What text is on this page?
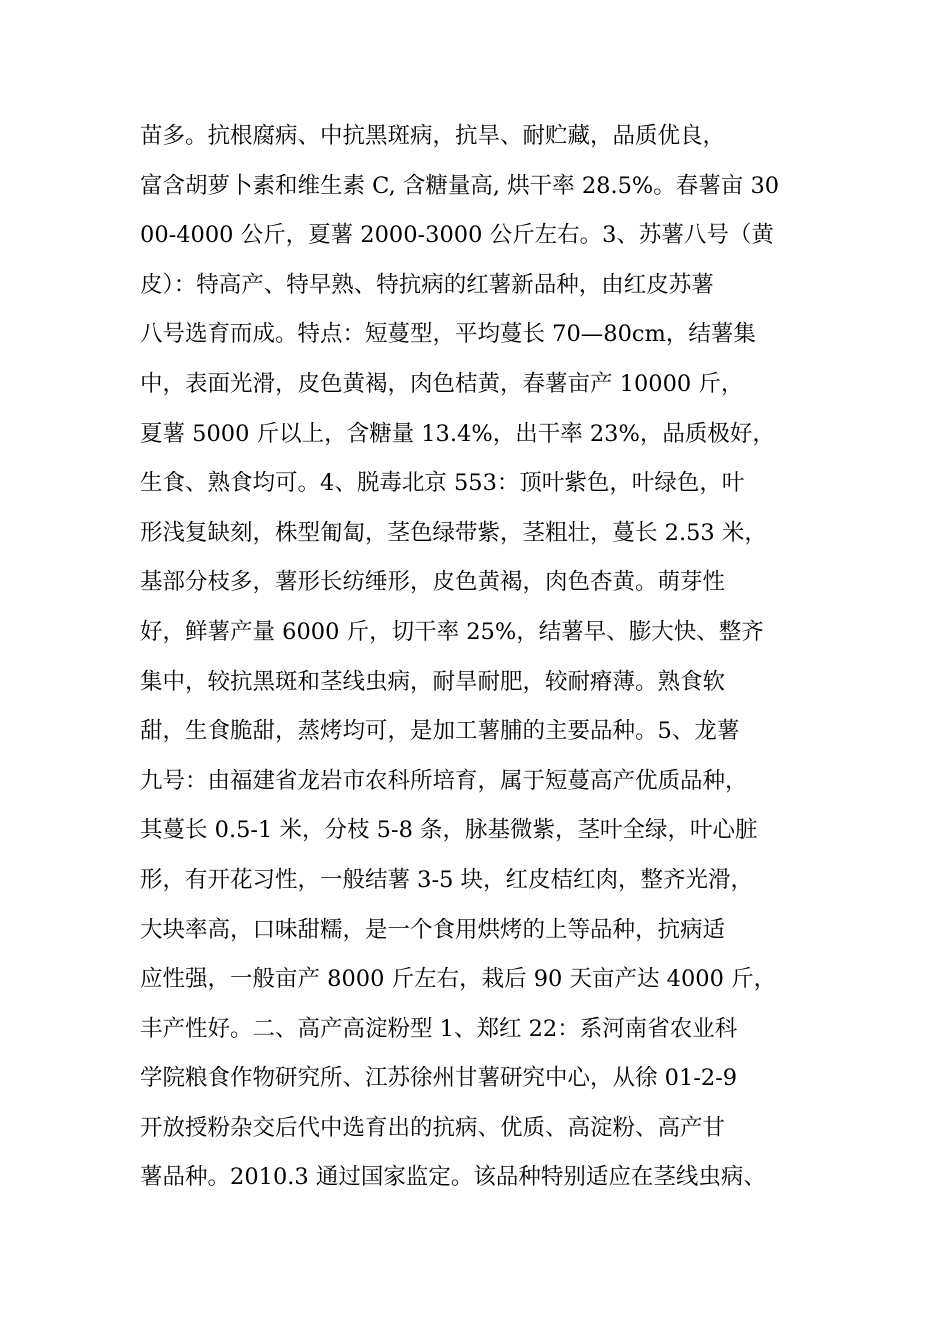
苗多。抗根腐病、中抗黑斑病，抗旱、耐贮藏，品质优良，
富含胡萝卜素和维生素 C, 含糖量高, 烘干率 28.5%。春薯亩 30
00-4000 公斤，夏薯 2000-3000 公斤左右。3、苏薯八号（黄
皮）：特高产、特早熟、特抗病的红薯新品种，由红皮苏薯
八号选育而成。特点：短蔓型，平均蔓长 70—80cm，结薯集
中，表面光滑，皮色黄褐，肉色桔黄，春薯亩产 10000 斤，
夏薯 5000 斤以上，含糖量 13.4%，出干率 23%，品质极好，
生食、熟食均可。4、脱毒北京 553：顶叶紫色，叶绿色，叶
形浅复缺刻，株型匍匐，茎色绿带紫，茎粗壮，蔓长 2.53 米，
基部分枝多，薯形长纺缍形，皮色黄褐，肉色杏黄。萌芽性
好，鲜薯产量 6000 斤，切干率 25%，结薯早、膨大快、整齐
集中，较抗黑斑和茎线虫病，耐旱耐肥，较耐瘠薄。熟食软
甜，生食脆甜，蒸烤均可，是加工薯脯的主要品种。5、龙薯
九号：由福建省龙岩市农科所培育，属于短蔓高产优质品种，
其蔓长 0.5-1 米，分枝 5-8 条，脉基微紫，茎叶全绿，叶心脏
形，有开花习性，一般结薯 3-5 块，红皮桔红肉，整齐光滑，
大块率高，口味甜糯，是一个食用烘烤的上等品种，抗病适
应性强，一般亩产 8000 斤左右，栽后 90 天亩产达 4000 斤，
丰产性好。二、高产高淀粉型 1、郑红 22：系河南省农业科
学院粮食作物研究所、江苏徐州甘薯研究中心，从徐 01-2-9
开放授粉杂交后代中选育出的抗病、优质、高淀粉、高产甘
薯品种。2010.3 通过国家监定。该品种特别适应在茎线虫病、
